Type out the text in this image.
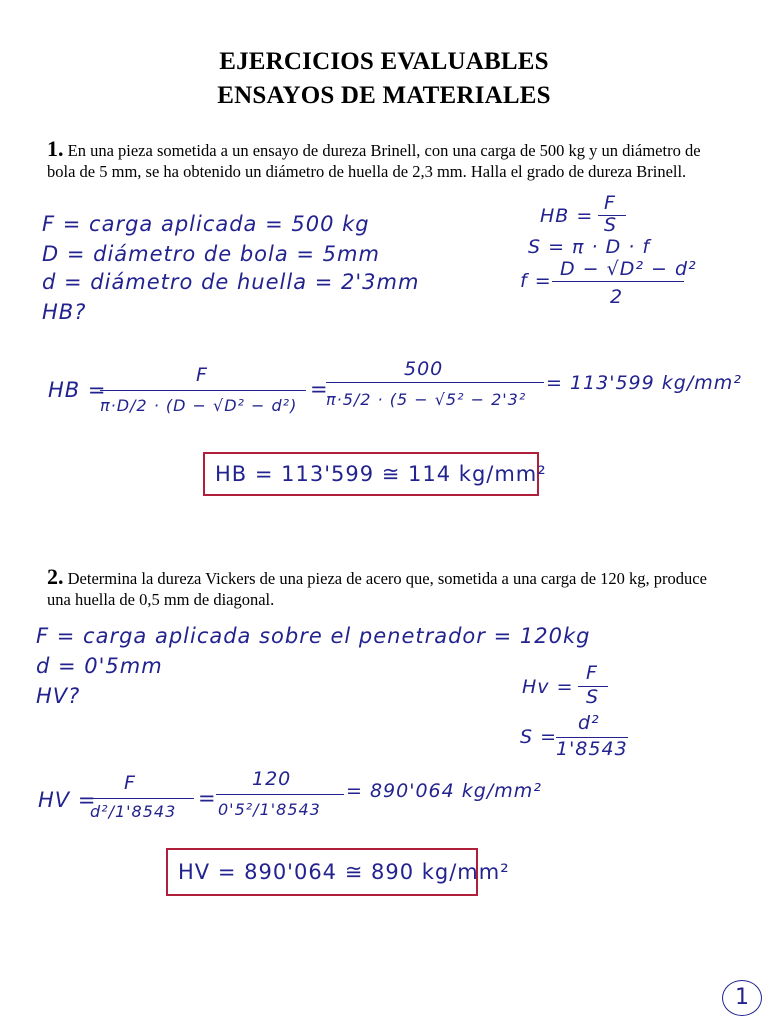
EJERCICIOS EVALUABLES
ENSAYOS DE MATERIALES
1. En una pieza sometida a un ensayo de dureza Brinell, con una carga de 500 kg y un diámetro de bola de 5 mm, se ha obtenido un diámetro de huella de 2,3 mm. Halla el grado de dureza Brinell.
F = carga aplicada = 500 kg
D = diámetro de bola = 5mm
d = diámetro de huella = 2'3mm
HB?
HB =
F
S
S = π · D · f
f =
D − √D² − d²
2
HB =
F
π·D/2 · (D − √D² − d²)
=
500
π·5/2 · (5 − √5² − 2'3²
= 113'599 kg/mm²
HB = 113'599 ≅ 114 kg/mm²
2. Determina la dureza Vickers de una pieza de acero que, sometida a una carga de 120 kg, produce una huella de 0,5 mm de diagonal.
F = carga aplicada sobre el penetrador = 120kg
d = 0'5mm
HV?	Hv =
F
S
S =
d²
1'8543
HV =
F
d²/1'8543
=
120
0'5²/1'8543
= 890'064 kg/mm²
HV = 890'064 ≅ 890 kg/mm²
1
